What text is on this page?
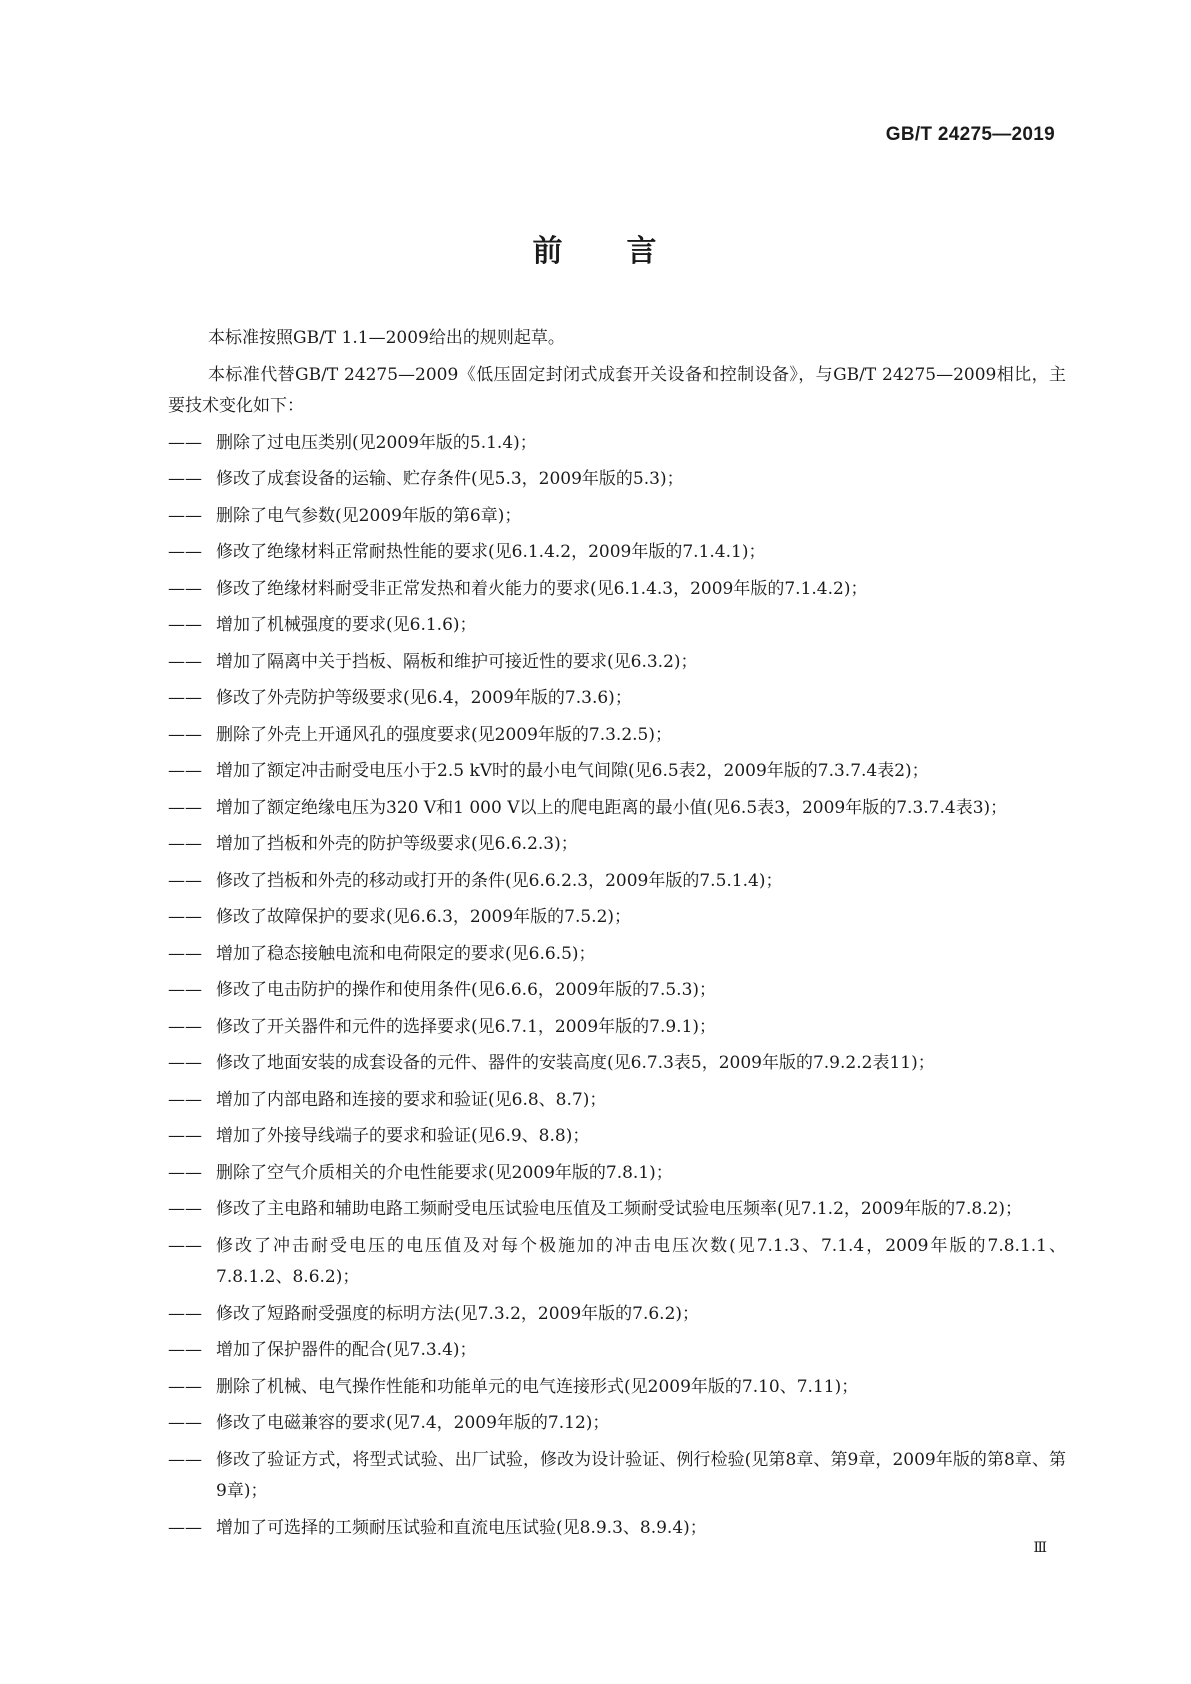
GB/T 24275—2019
前 言

本标准按照GB/T 1.1—2009给出的规则起草。

本标准代替GB/T 24275—2009《低压固定封闭式成套开关设备和控制设备》，与GB/T 24275—2009相比，主要技术变化如下：

—— 删除了过电压类别(见2009年版的5.1.4)；
—— 修改了成套设备的运输、贮存条件(见5.3，2009年版的5.3)；
—— 删除了电气参数(见2009年版的第6章)；
—— 修改了绝缘材料正常耐热性能的要求(见6.1.4.2，2009年版的7.1.4.1)；
—— 修改了绝缘材料耐受非正常发热和着火能力的要求(见6.1.4.3，2009年版的7.1.4.2)；
—— 增加了机械强度的要求(见6.1.6)；
—— 增加了隔离中关于挡板、隔板和维护可接近性的要求(见6.3.2)；
—— 修改了外壳防护等级要求(见6.4，2009年版的7.3.6)；
—— 删除了外壳上开通风孔的强度要求(见2009年版的7.3.2.5)；
—— 增加了额定冲击耐受电压小于2.5 kV时的最小电气间隙(见6.5表2，2009年版的7.3.7.4表2)；
—— 增加了额定绝缘电压为320 V和1 000 V以上的爬电距离的最小值(见6.5表3，2009年版的7.3.7.4表3)；
—— 增加了挡板和外壳的防护等级要求(见6.6.2.3)；
—— 修改了挡板和外壳的移动或打开的条件(见6.6.2.3，2009年版的7.5.1.4)；
—— 修改了故障保护的要求(见6.6.3，2009年版的7.5.2)；
—— 增加了稳态接触电流和电荷限定的要求(见6.6.5)；
—— 修改了电击防护的操作和使用条件(见6.6.6，2009年版的7.5.3)；
—— 修改了开关器件和元件的选择要求(见6.7.1，2009年版的7.9.1)；
—— 修改了地面安装的成套设备的元件、器件的安装高度(见6.7.3表5，2009年版的7.9.2.2表11)；
—— 增加了内部电路和连接的要求和验证(见6.8、8.7)；
—— 增加了外接导线端子的要求和验证(见6.9、8.8)；
—— 删除了空气介质相关的介电性能要求(见2009年版的7.8.1)；
—— 修改了主电路和辅助电路工频耐受电压试验电压值及工频耐受试验电压频率(见7.1.2，2009年版的7.8.2)；
—— 修改了冲击耐受电压的电压值及对每个极施加的冲击电压次数(见7.1.3、7.1.4，2009年版的7.8.1.1、7.8.1.2、8.6.2)；
—— 修改了短路耐受强度的标明方法(见7.3.2，2009年版的7.6.2)；
—— 增加了保护器件的配合(见7.3.4)；
—— 删除了机械、电气操作性能和功能单元的电气连接形式(见2009年版的7.10、7.11)；
—— 修改了电磁兼容的要求(见7.4，2009年版的7.12)；
—— 修改了验证方式，将型式试验、出厂试验，修改为设计验证、例行检验(见第8章、第9章，2009年版的第8章、第9章)；
—— 增加了可选择的工频耐压试验和直流电压试验(见8.9.3、8.9.4)；
Ⅲ
